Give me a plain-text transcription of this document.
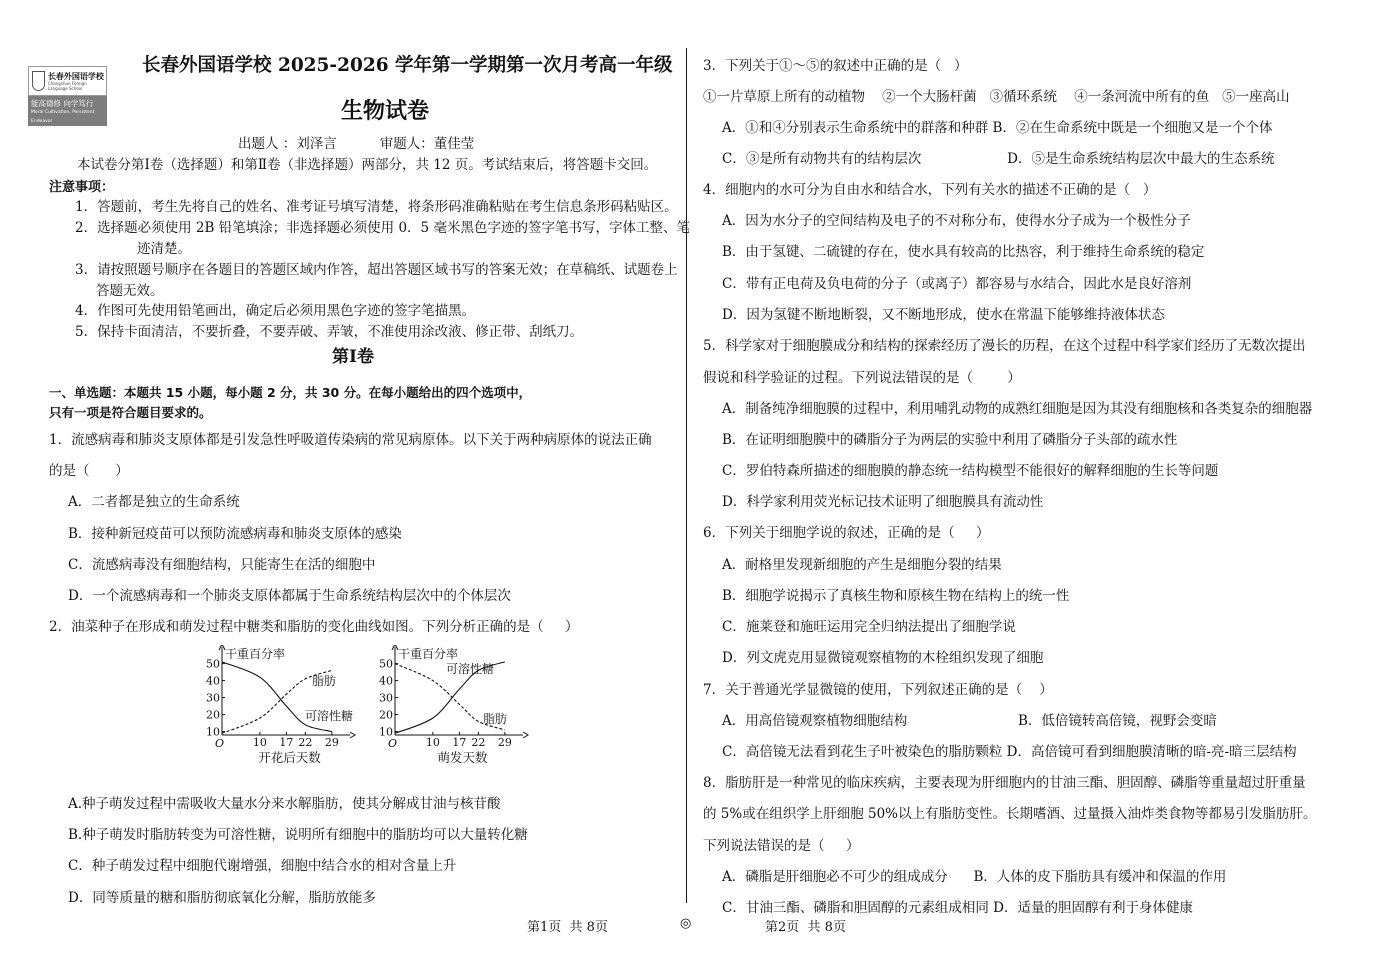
长春外国语学校
Changchun Foreign Language School
能高德修 向学笃行
Moral Cultivation, Persistent Endeavor
长春外国语学校 2025-2026 学年第一学期第一次月考高一年级
生物试卷
出题人 ：刘泽言          审题人：董佳莹
本试卷分第Ⅰ卷（选择题）和第Ⅱ卷（非选择题）两部分，共 12 页。考试结束后，将答题卡交回。
注意事项：
1．答题前，考生先将自己的姓名、准考证号填写清楚，将条形码准确粘贴在考生信息条形码粘贴区。
2．选择题必须使用 2B 铅笔填涂；非选择题必须使用 0．5 毫米黑色字迹的签字笔书写，字体工整、笔
迹清楚。
3．请按照题号顺序在各题目的答题区域内作答，超出答题区域书写的答案无效；在草稿纸、试题卷上
答题无效。
4．作图可先使用铅笔画出，确定后必须用黑色字迹的签字笔描黑。
5．保持卡面清洁，不要折叠，不要弄破、弄皱，不准使用涂改液、修正带、刮纸刀。
第Ⅰ卷
一、单选题：本题共 15 小题，每小题 2 分，共 30 分。在每小题给出的四个选项中，
只有一项是符合题目要求的。
1．流感病毒和肺炎支原体都是引发急性呼吸道传染病的常见病原体。以下关于两种病原体的说法正确
的是（      ）
A．二者都是独立的生命系统
B．接种新冠疫苗可以预防流感病毒和肺炎支原体的感染
C．流感病毒没有细胞结构，只能寄生在活的细胞中
D．一个流感病毒和一个肺炎支原体都属于生命系统结构层次中的个体层次
2．油菜种子在形成和萌发过程中糖类和脂肪的变化曲线如图。下列分析正确的是（     ）
干重百分率
O
10
20
30
40
50
10 17 22 29
开花后天数
脂肪
可溶性糖
干重百分率
O
10
20
30
40
50
10 17 22 29
萌发天数
可溶性糖
脂肪
A.种子萌发过程中需吸收大量水分来水解脂肪，使其分解成甘油与核苷酸
B.种子萌发时脂肪转变为可溶性糖，说明所有细胞中的脂肪均可以大量转化糖
C．种子萌发过程中细胞代谢增强，细胞中结合水的相对含量上升
D．同等质量的糖和脂肪彻底氧化分解，脂肪放能多
第1页  共 8页	◎
3．下列关于①～⑤的叙述中正确的是（   ）
①一片草原上所有的动植物    ②一个大肠杆菌   ③循环系统    ④一条河流中所有的鱼   ⑤一座高山
A．①和④分别表示生命系统中的群落和种群 B．②在生命系统中既是一个细胞又是一个个体
C．③是所有动物共有的结构层次                    D．⑤是生命系统结构层次中最大的生态系统
4．细胞内的水可分为自由水和结合水，下列有关水的描述不正确的是（   ）
A．因为水分子的空间结构及电子的不对称分布，使得水分子成为一个极性分子
B．由于氢键、二硫键的存在，使水具有较高的比热容，利于维持生命系统的稳定
C．带有正电荷及负电荷的分子（或离子）都容易与水结合，因此水是良好溶剂
D．因为氢键不断地断裂，又不断地形成，使水在常温下能够维持液体状态
5．科学家对于细胞膜成分和结构的探索经历了漫长的历程，在这个过程中科学家们经历了无数次提出
假说和科学验证的过程。下列说法错误的是（        ）
A．制备纯净细胞膜的过程中，利用哺乳动物的成熟红细胞是因为其没有细胞核和各类复杂的细胞器
B．在证明细胞膜中的磷脂分子为两层的实验中利用了磷脂分子头部的疏水性
C．罗伯特森所描述的细胞膜的静态统一结构模型不能很好的解释细胞的生长等问题
D．科学家利用荧光标记技术证明了细胞膜具有流动性
6．下列关于细胞学说的叙述，正确的是（     ）
A．耐格里发现新细胞的产生是细胞分裂的结果
B．细胞学说揭示了真核生物和原核生物在结构上的统一性
C．施莱登和施旺运用完全归纳法提出了细胞学说
D．列文虎克用显微镜观察植物的木栓组织发现了细胞
7．关于普通光学显微镜的使用，下列叙述正确的是（    ）
A．用高倍镜观察植物细胞结构	B．低倍镜转高倍镜，视野会变暗
C．高倍镜无法看到花生子叶被染色的脂肪颗粒 D．高倍镜可看到细胞膜清晰的暗-亮-暗三层结构
8．脂肪肝是一种常见的临床疾病，主要表现为肝细胞内的甘油三酯、胆固醇、磷脂等重量超过肝重量
的 5%或在组织学上肝细胞 50%以上有脂肪变性。长期嗜酒、过量摄入油炸类食物等都易引发脂肪肝。
下列说法错误的是（     ）
A．磷脂是肝细胞必不可少的组成成分      B．人体的皮下脂肪具有缓冲和保温的作用
C．甘油三酯、磷脂和胆固醇的元素组成相同 D．适量的胆固醇有利于身体健康
第2页  共 8页
